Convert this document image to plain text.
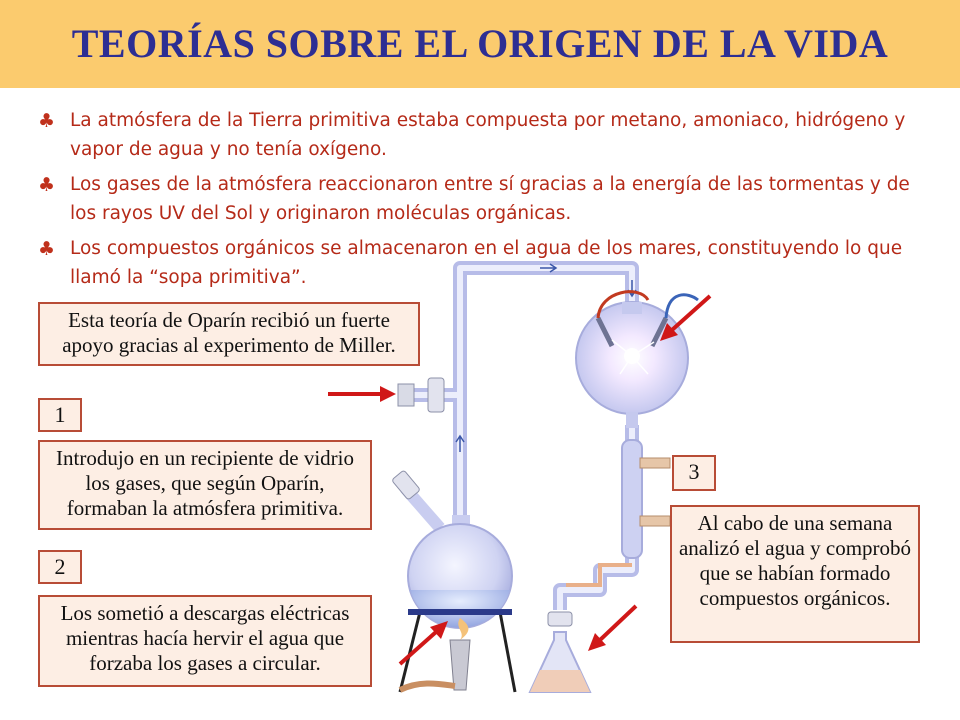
TEORÍAS SOBRE EL ORIGEN DE LA VIDA
♣ La atmósfera de la Tierra primitiva estaba compuesta por metano, amoniaco, hidrógeno y vapor de agua y no tenía oxígeno.
♣ Los gases de la atmósfera reaccionaron entre sí gracias a la energía de las tormentas y de los rayos UV del Sol y originaron moléculas orgánicas.
♣ Los compuestos orgánicos se almacenaron en el agua de los mares, constituyendo lo que llamó la “sopa primitiva”.
Esta teoría de Oparín recibió un fuerte apoyo gracias al experimento de Miller.
1
Introdujo en un recipiente de vidrio los gases, que según Oparín, formaban la atmósfera primitiva.
2
Los sometió a descargas eléctricas mientras hacía hervir el agua que forzaba los gases a circular.
3
Al cabo de una semana analizó el agua y comprobó que se habían formado compuestos orgánicos.
